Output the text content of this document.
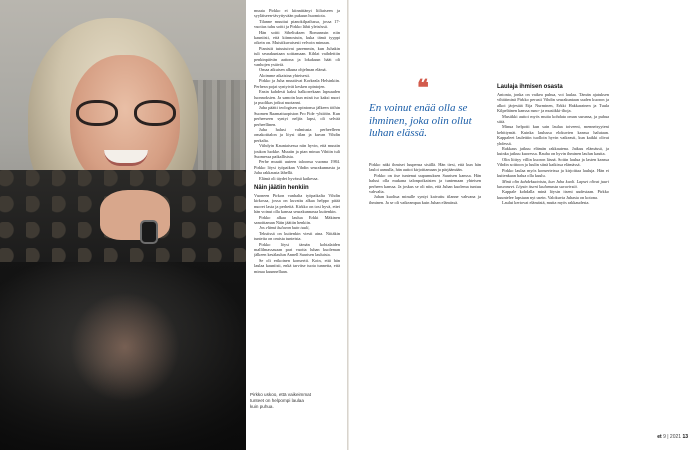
muuta Pirkko ei kiinnittänyt liiliaiseen ja syyläiseen-tävyttyvään pukuun huomiota.

Tilanne muuttui pianokilpailussa, jossa 17-vuotias tuhu soitti ja Pirkko lähti yleisössä.

Hän soitti Sibeliuksen Romanssin niin kauniisti, että kiinnostuin, kuka tämä tyyppi oikein on. Muistikuvaisesti velvoin minuun.

Pianistit tutustuivat paremmin, kun Juhakin tuli seurakuntaan soittamaan. Kihlat vaihdettiin penkinpäivän aattona ja lokakuun häät oli vanhojen ystäviä.

Omaa aikuisen alkuna ohjelman elämä.

Aloimme aikaisina yhteisesti.

Pirkko ja Juha muuttivat Korkeala Helsinkiin. Perhesn pojat syntyivät kesken opintojen.

Ensin kahdesti kaksi halkorrekaan lapsuuden luonnoksien. Ja samoin kun minä iso kaksi nuori ja puolikas jotkut nuotanni.

Juha päätti teologisen opintonsa jälkeen töihin Suomen Raamattuopiston Pro Fide -yhtiöön. Kun perheeseen syntyi neljäs lapsi, oli selvää perheellinen.

Juha halusi valmiusta perheelleen omakotitalon ja löysi tilan ja kuvan Vihdin perkalta.

Viihdyin Kauniaisessa niin hyvin, että muutin joukon luokke. Muutin ja pian minua Vihtiin tuli Suomessa paikallisista.

Perhe muutti uuteen taloonsa vuonna 1984. Pirkko löysi työpaikan Vihdin seurakunnasta ja Juha rakkausta lähellä.

Elämä oli täydet hyvässä kaikessa.

Näin jäätiin henkiin

Vuoneen Pirkon vanhalta työpaikalta Vihdin kirkossa, jossa on kuvattu alkaa helppo pitää nuoret lasta ja perheitä. Kirkko on tosi hyvä, ettei hän voinut olla kanssa seurakunnassa kuitenkin.

Pirkko alkaa laulua Erkki Mäkinen sanoittaman Näin jäätiin henkiin.

Jos elämä kuluvan kuin tuuli,

Tekstissä on kuitenkin viesti aina. Niitäkin tunteita on omista tunteista.

Pirkko löysi tämän kohtalaiden mallilmassasaan pari vuotta luhan kuoleman jälkeen kesälaulun Annell Saarisen lauluista.

Se oli erikoinen konsertti. Koin, että hän laulaa kauniisti, enkä tarvitse tuota tunnetta, että minua kuunnellaan.

Pirkko uskoo, että vaikeimmat tunteet on helpompi laulaa kuin puhua.
❝
En voinut enää olla se ihminen, joka olin ollut luhan elässä.

Pirkko näki ihmiset luupensa sisällä. Hän tiesi, että kun hän lauloi aamulla, hän auttoi kirjoittamaan ja pärjäämään.

Pirkko on itse tuntenut uupumuksen Saarisen kanssa. Hän halusi olla mukana talonpoikaisten ja tuntemaan yhteisen perheen kanssa. Ja joskus se oli niin, että Juhan kuolema tuntuu vahvalta.

Juhan kuoltua minulle syntyi kaivattu tilanne vahvana ja ihminen. Ja se oli vaikeampaa kuin Juhan elämässä.

Laulaja ihmisen osasta

Antonia, jonka on vaikea puhua, voi laulaa. Tämän ajatuksen vihittiminä Pirkko perusti Vihdin seurakuntaan uuden kuoron ja alkoi järjestää Eija Nurminen, Erkki Hakkarainen ja Tuula Kilpeläinen kanssa runo- ja musiikki-iltoja.

Musiikki auttoi myös muita kohdata oman surunsa, ja puhua siitä.

Minua helpotti kun sain laulaa toiveeni, menneisyyteni kehittymät. Kuinka laulussa elokuvien kanssa halutaan. Kappaleet laulettiin tuolloin hyvin vaikeasti, kun kaikki olivat yhdessä.

Rakkaus jatkuu elämän rakkautena. Jatkuu elämässä, ja kuinka jatkuu kuoressa. Rauha on hyvin ihminen laulun kautta.

Olin liittyy villin kuoron läsnä. Soitin laulua ja lasten kanssa Vihdin soittoon ja luulin siinä kaikissa elämässä.

Pirkko laulaa myös konserteissa ja kirjoittaa lauluja. Hän ei kuitenkaan halua olla kuulu.

Minä olin kahdeksatoista, kun Juha kuoli. Lapset olivat juuri kasvaneet. Löysin itseni laulamasta suruvirsiä.

Kappale kohdalla minä löysin itseni uudestaan. Pirkko kuuntelee lapsiaan nyt usein. Valokuvia Juhasta on kotona.

Laulut kertovat elämästä, mutta myös rakkaudesta.

et 9 | 2021 13
